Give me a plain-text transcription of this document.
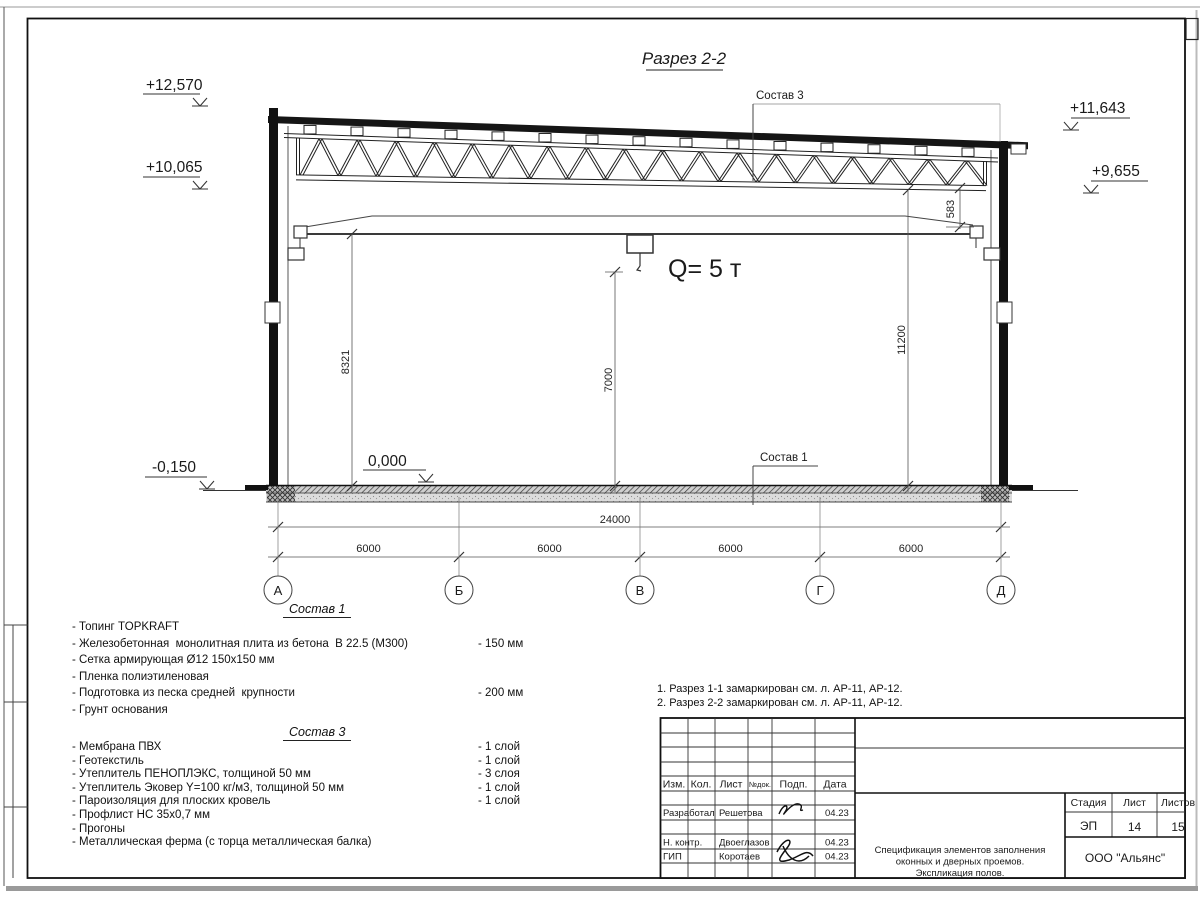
А	Б	В	Г	Д
Разрез 2-2
Состав 3
Состав 1
Q= 5 т
+12,570
+10,065
-0,150	0,000
+11,643
+9,655
8321
7000
11200
583
24000
6000	6000	6000	6000
Изм. Кол. Лист №док. Подп. Дата
Разработал Решетова	04.23
Н. контр. Двоеглазов	04.23
ГИП	Коротаев	04.23
Стадия Лист Листов
ЭП	14	15
Спецификация элементов заполнения
оконных и дверных проемов.
Экспликация полов.
ООО "Альянс"
Состав 1
- Топинг TOPKRAFT
- Железобетонная  монолитная плита из бетона  В 22.5 (М300)	- 150 мм
- Сетка армирующая Ø12 150х150 мм
- Пленка полиэтиленовая
- Подготовка из песка средней  крупности	- 200 мм
- Грунт основания
Состав 3
- Мембрана ПВХ	- 1 слой
- Геотекстиль	- 1 слой
- Утеплитель ПЕНОПЛЭКС, толщиной 50 мм	- 3 слоя
- Утеплитель Эковер Y=100 кг/м3, толщиной 50 мм	- 1 слой
- Пароизоляция для плоских кровель	- 1 слой
- Профлист НС 35х0,7 мм
- Прогоны
- Металлическая ферма (с торца металлическая балка)
1. Разрез 1-1 замаркирован см. л. АР-11, АР-12.
2. Разрез 2-2 замаркирован см. л. АР-11, АР-12.
